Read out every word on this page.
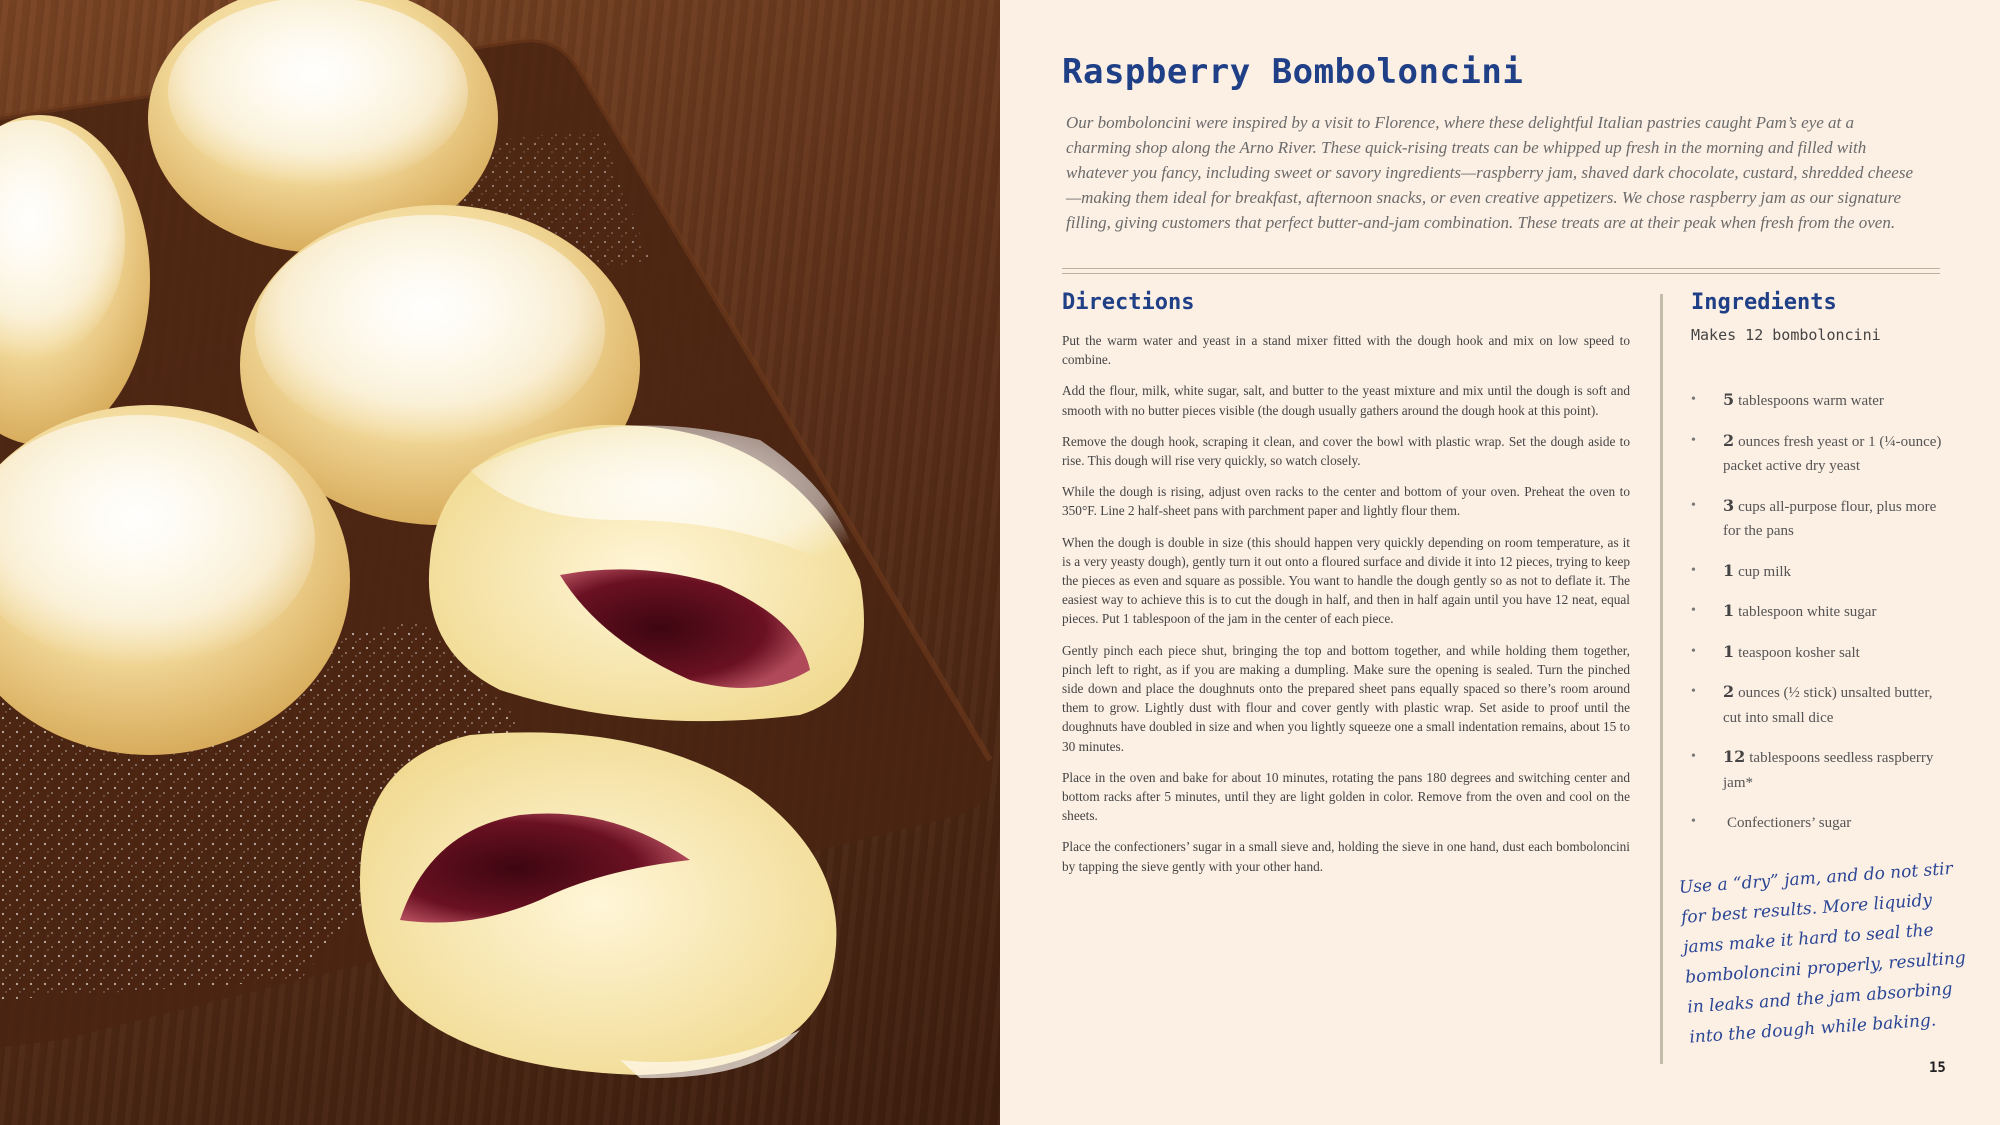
Raspberry Bomboloncini

Our bomboloncini were inspired by a visit to Florence, where these delightful Italian pastries caught Pam’s eye at a charming shop along the Arno River. These quick-rising treats can be whipped up fresh in the morning and filled with whatever you fancy, including sweet or savory ingredients—raspberry jam, shaved dark chocolate, custard, shredded cheese—making them ideal for breakfast, afternoon snacks, or even creative appetizers. We chose raspberry jam as our signature filling, giving customers that perfect butter-and-jam combination. These treats are at their peak when fresh from the oven.

Directions

Put the warm water and yeast in a stand mixer fitted with the dough hook and mix on low speed to combine.

Add the flour, milk, white sugar, salt, and butter to the yeast mixture and mix until the dough is soft and smooth with no butter pieces visible (the dough usually gathers around the dough hook at this point).

Remove the dough hook, scraping it clean, and cover the bowl with plastic wrap. Set the dough aside to rise. This dough will rise very quickly, so watch closely.

While the dough is rising, adjust oven racks to the center and bottom of your oven. Preheat the oven to 350°F. Line 2 half-sheet pans with parchment paper and lightly flour them.

When the dough is double in size (this should happen very quickly depending on room temperature, as it is a very yeasty dough), gently turn it out onto a floured surface and divide it into 12 pieces, trying to keep the pieces as even and square as possible. You want to handle the dough gently so as not to deflate it. The easiest way to achieve this is to cut the dough in half, and then in half again until you have 12 neat, equal pieces. Put 1 tablespoon of the jam in the center of each piece.

Gently pinch each piece shut, bringing the top and bottom together, and while holding them together, pinch left to right, as if you are making a dumpling. Make sure the opening is sealed. Turn the pinched side down and place the doughnuts onto the prepared sheet pans equally spaced so there’s room around them to grow. Lightly dust with flour and cover gently with plastic wrap. Set aside to proof until the doughnuts have doubled in size and when you lightly squeeze one a small indentation remains, about 15 to 30 minutes.

Place in the oven and bake for about 10 minutes, rotating the pans 180 degrees and switching center and bottom racks after 5 minutes, until they are light golden in color. Remove from the oven and cool on the sheets.

Place the confectioners’ sugar in a small sieve and, holding the sieve in one hand, dust each bomboloncini by tapping the sieve gently with your other hand.

Ingredients

Makes 12 bomboloncini

• 5 tablespoons warm water
• 2 ounces fresh yeast or 1 (¼-ounce) packet active dry yeast
• 3 cups all-purpose flour, plus more for the pans
• 1 cup milk
• 1 tablespoon white sugar
• 1 teaspoon kosher salt
• 2 ounces (½ stick) unsalted butter, cut into small dice
• 12 tablespoons seedless raspberry jam*
• Confectioners’ sugar

Use a “dry” jam, and do not stir for best results. More liquidy jams make it hard to seal the bomboloncini properly, resulting in leaks and the jam absorbing into the dough while baking.

15
